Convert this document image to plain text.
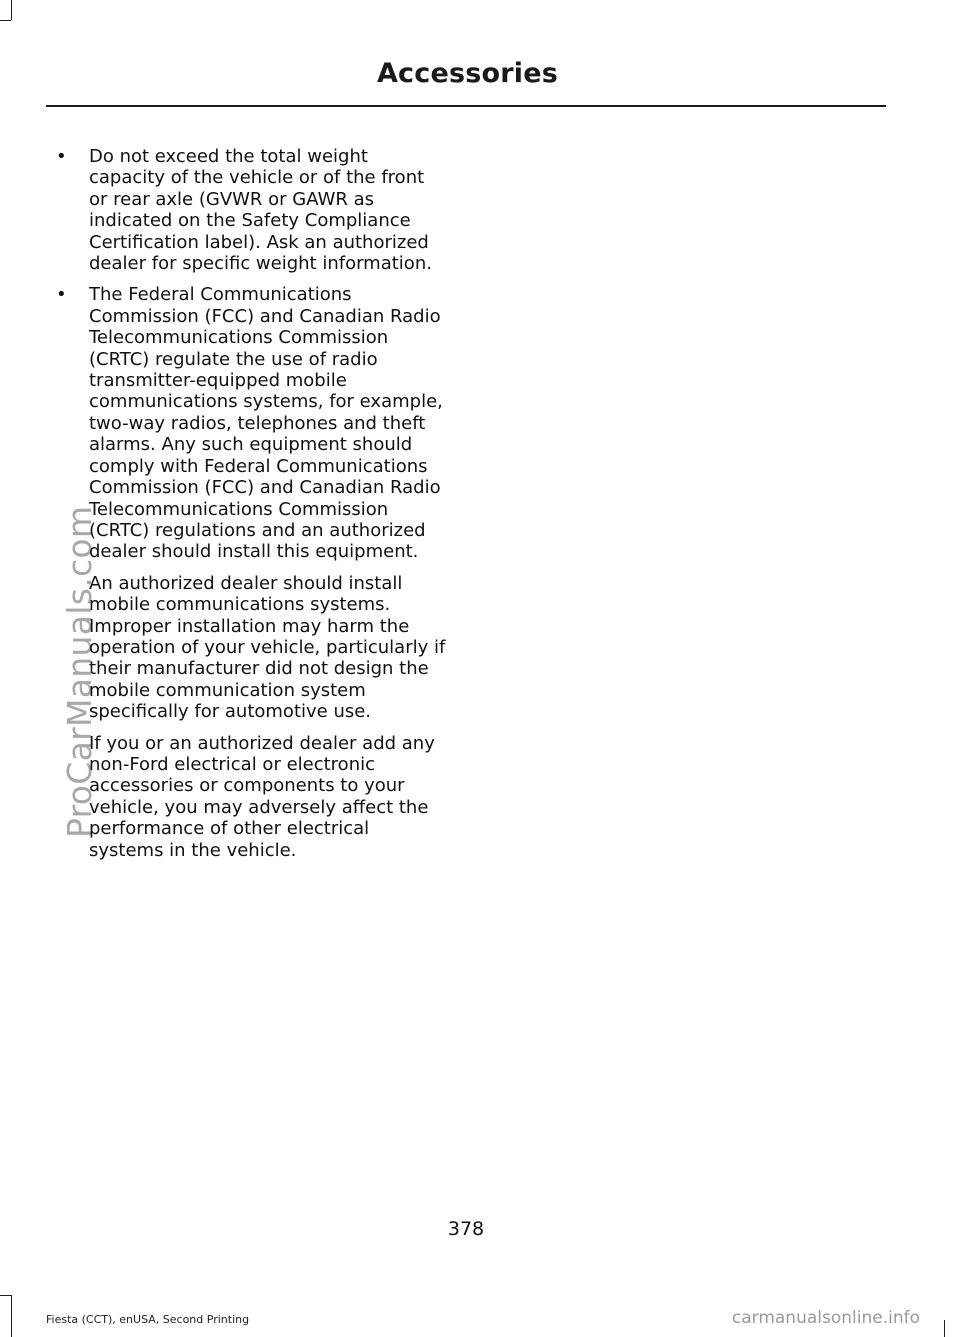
Accessories
ProCarManuals.com
• Do not exceed the total weight capacity of the vehicle or of the front or rear axle (GVWR or GAWR as indicated on the Safety Compliance Certification label). Ask an authorized dealer for specific weight information.
• The Federal Communications Commission (FCC) and Canadian Radio Telecommunications Commission (CRTC) regulate the use of radio transmitter-equipped mobile communications systems, for example, two-way radios, telephones and theft alarms. Any such equipment should comply with Federal Communications Commission (FCC) and Canadian Radio Telecommunications Commission (CRTC) regulations and an authorized dealer should install this equipment.
An authorized dealer should install mobile communications systems. Improper installation may harm the operation of your vehicle, particularly if their manufacturer did not design the mobile communication system specifically for automotive use.
If you or an authorized dealer add any non-Ford electrical or electronic accessories or components to your vehicle, you may adversely affect the performance of other electrical systems in the vehicle.
378
Fiesta (CCT), enUSA, Second Printing	carmanualsonline.info
